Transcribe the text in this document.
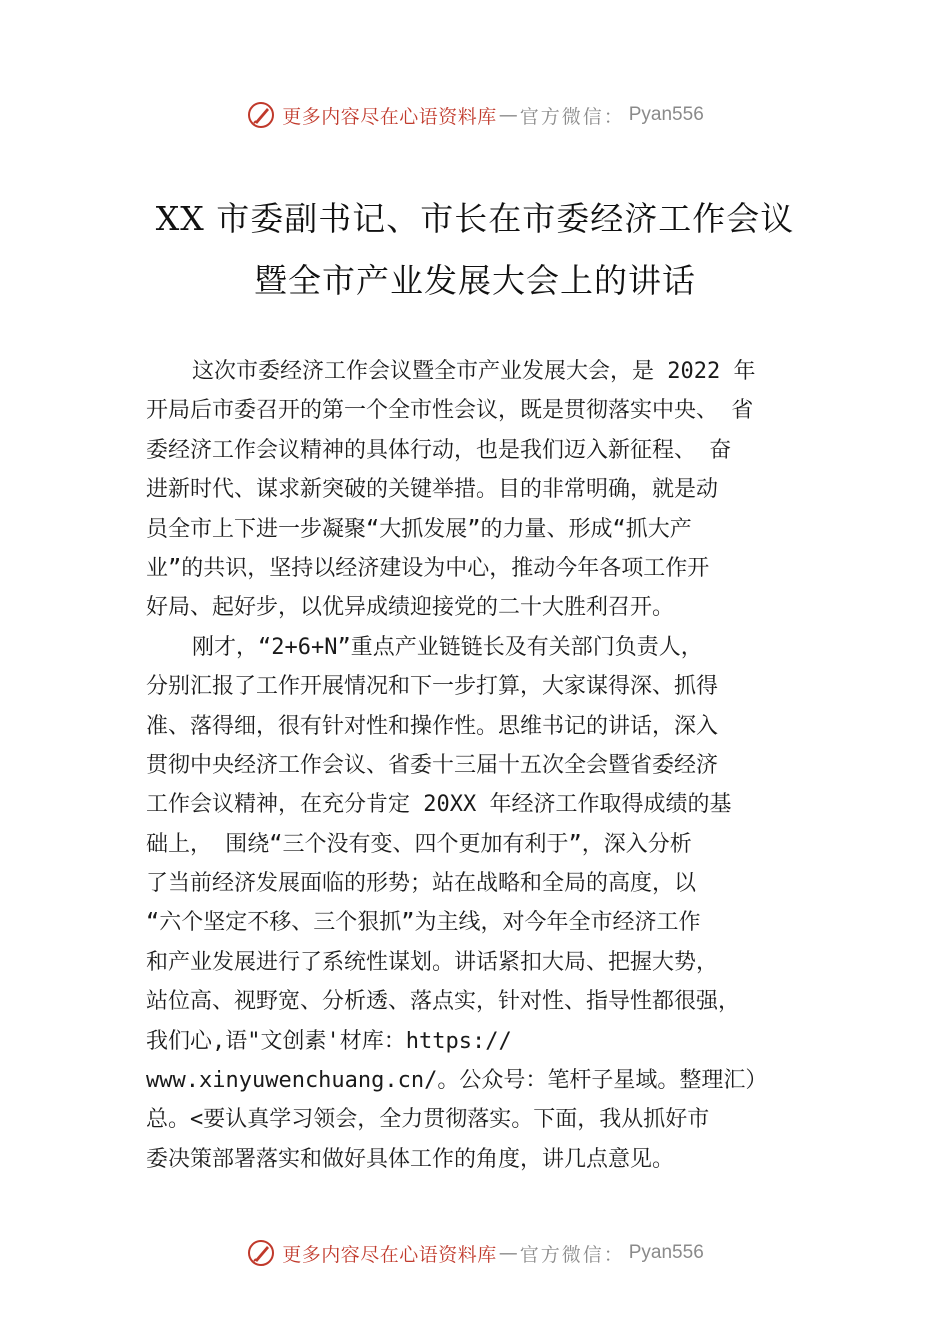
更多内容尽在心语资料库 — 官方微信： Pyan556
XX 市委副书记、市长在市委经济工作会议
暨全市产业发展大会上的讲话
这次市委经济工作会议暨全市产业发展大会，是 2022 年
开局后市委召开的第一个全市性会议，既是贯彻落实中央、 省
委经济工作会议精神的具体行动，也是我们迈入新征程、 奋
进新时代、谋求新突破的关键举措。目的非常明确，就是动
员全市上下进一步凝聚“大抓发展”的力量、形成“抓大产
业”的共识，坚持以经济建设为中心，推动今年各项工作开
好局、起好步，以优异成绩迎接党的二十大胜利召开。
刚才，“2+6+N”重点产业链链长及有关部门负责人，
分别汇报了工作开展情况和下一步打算，大家谋得深、抓得
准、落得细，很有针对性和操作性。思维书记的讲话，深入
贯彻中央经济工作会议、省委十三届十五次全会暨省委经济
工作会议精神，在充分肯定 20XX 年经济工作取得成绩的基
础上， 围绕“三个没有变、四个更加有利于”，深入分析
了当前经济发展面临的形势；站在战略和全局的高度，以
“六个坚定不移、三个狠抓”为主线，对今年全市经济工作
和产业发展进行了系统性谋划。讲话紧扣大局、把握大势，
站位高、视野宽、分析透、落点实，针对性、指导性都很强，
我们心,语"文创素'材库：https://
www.xinyuwenchuang.cn/。公众号：笔杆子星域。整理汇）
总。<要认真学习领会，全力贯彻落实。下面，我从抓好市
委决策部署落实和做好具体工作的角度，讲几点意见。
更多内容尽在心语资料库 — 官方微信： Pyan556
